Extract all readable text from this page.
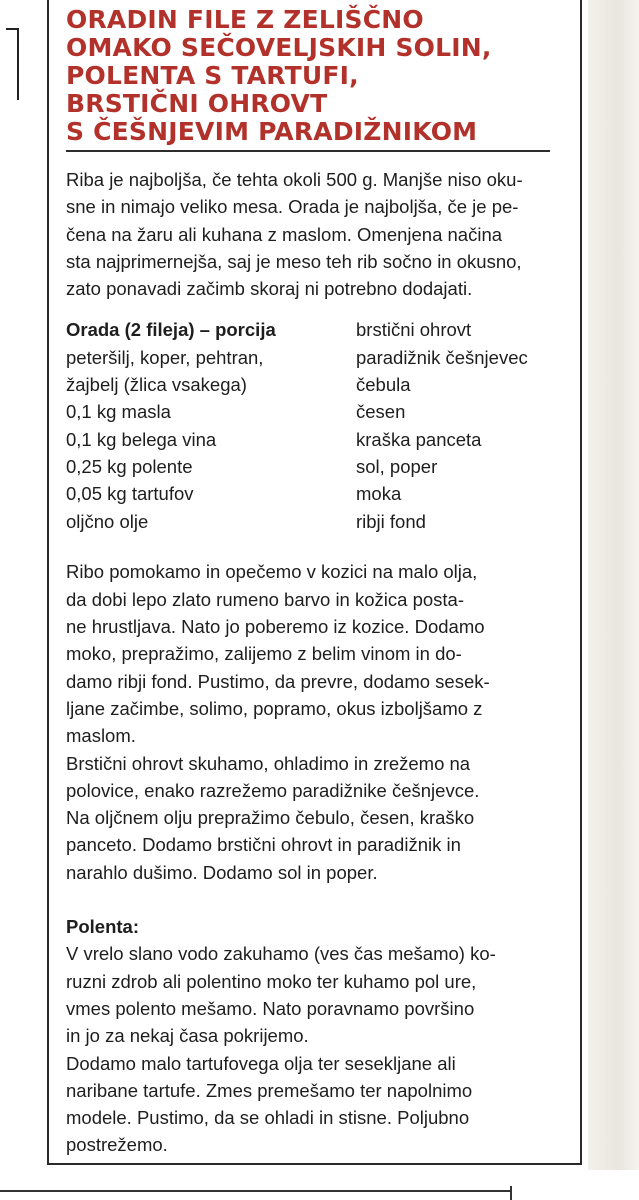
ORADIN FILE Z ZELIŠČNO
OMAKO SEČOVELJSKIH SOLIN,
POLENTA S TARTUFI,
BRSTIČNI OHROVT
S ČEŠNJEVIM PARADIŽNIKOM
Riba je najboljša, če tehta okoli 500 g. Manjše niso oku-
sne in nimajo veliko mesa. Orada je najboljša, če je pe-
čena na žaru ali kuhana z maslom. Omenjena načina
sta najprimernejša, saj je meso teh rib sočno in okusno,
zato ponavadi začimb skoraj ni potrebno dodajati.
Orada (2 fileja) – porcija
peteršilj, koper, pehtran,
žajbelj (žlica vsakega)
0,1 kg masla
0,1 kg belega vina
0,25 kg polente
0,05 kg tartufov
oljčno olje
brstični ohrovt
paradižnik češnjevec
čebula
česen
kraška panceta
sol, poper
moka
ribji fond
Ribo pomokamo in opečemo v kozici na malo olja,
da dobi lepo zlato rumeno barvo in kožica posta-
ne hrustljava. Nato jo poberemo iz kozice. Dodamo
moko, prepražimo, zalijemo z belim vinom in do-
damo ribji fond. Pustimo, da prevre, dodamo sesek-
ljane začimbe, solimo, popramo, okus izboljšamo z
maslom.
Brstični ohrovt skuhamo, ohladimo in zrežemo na
polovice, enako razrežemo paradižnike češnjevce.
Na oljčnem olju prepražimo čebulo, česen, kraško
panceto. Dodamo brstični ohrovt in paradižnik in
narahlo dušimo. Dodamo sol in poper.
Polenta:
V vrelo slano vodo zakuhamo (ves čas mešamo) ko-
ruzni zdrob ali polentino moko ter kuhamo pol ure,
vmes polento mešamo. Nato poravnamo površino
in jo za nekaj časa pokrijemo.
Dodamo malo tartufovega olja ter sesekljane ali
naribane tartufe. Zmes premešamo ter napolnimo
modele. Pustimo, da se ohladi in stisne. Poljubno
postrežemo.
